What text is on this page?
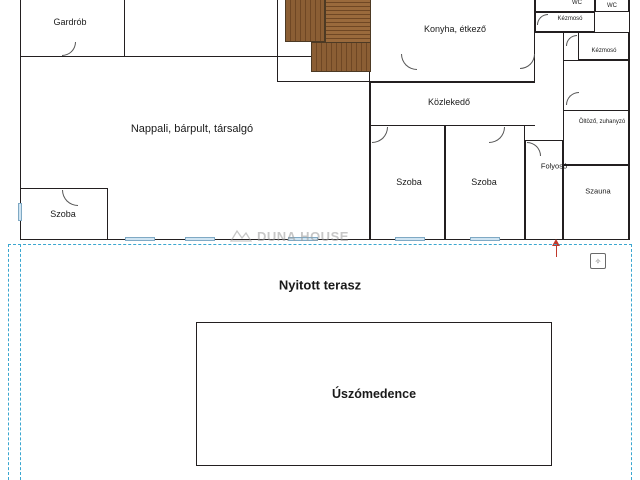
✧
DUNA HOUSE
Gardrób
Nappali, bárpult, társalgó
Szoba
Konyha, étkező
Közlekedő
Szoba	Szoba
Folyosó
WC
WC
Kézmosó
Kézmosó
Öltöző, zuhanyzó
Szauna
Úszómedence
Nyitott terasz
